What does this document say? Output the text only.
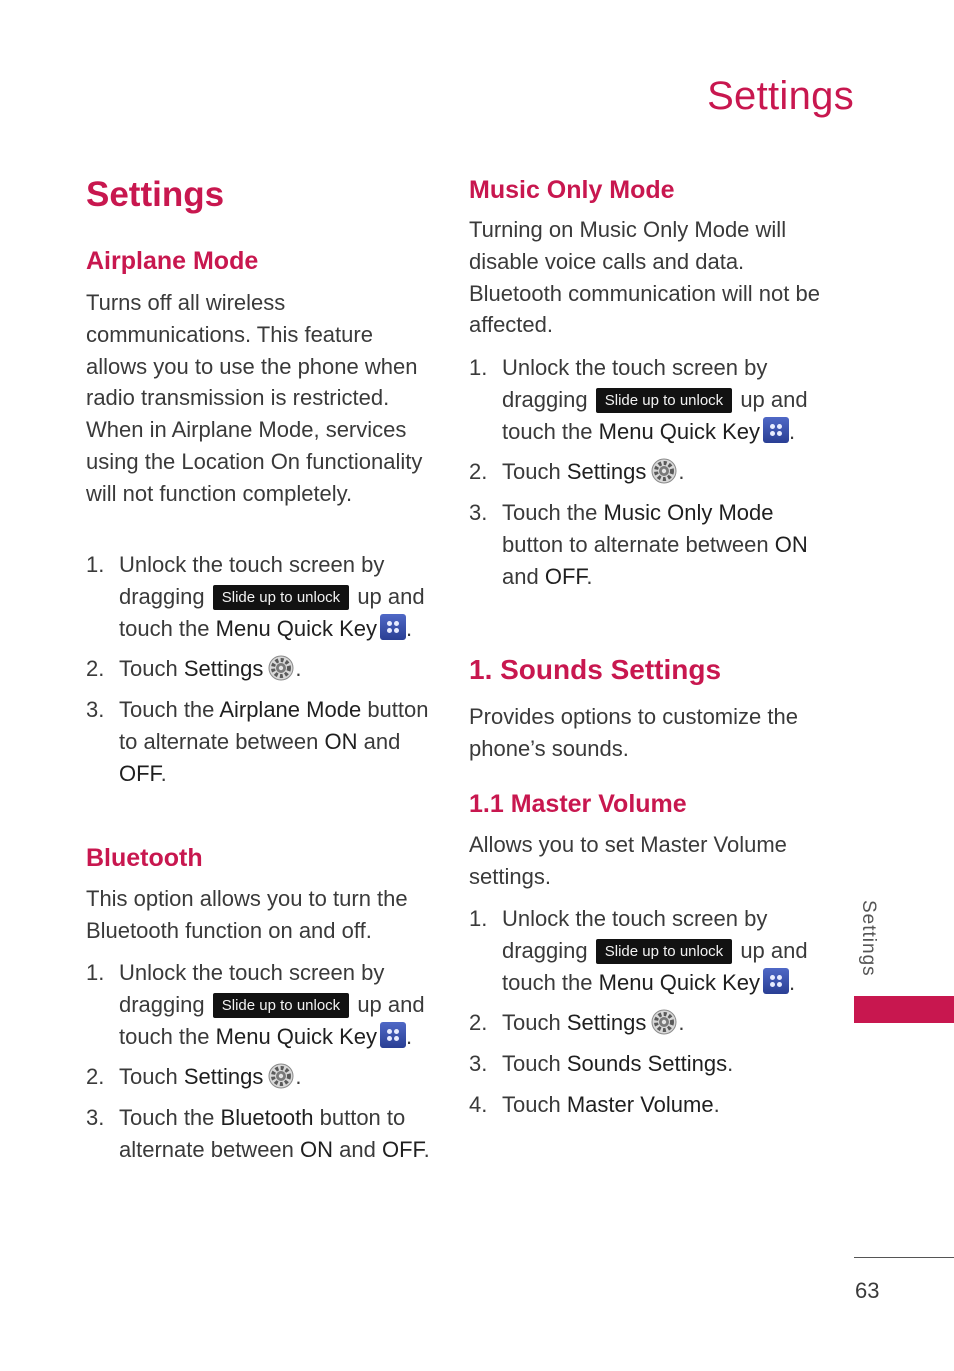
Settings
Settings
Airplane Mode
Turns off all wireless communications. This feature allows you to use the phone when radio transmission is restricted. When in Airplane Mode, services using the Location On functionality will not function completely.
1. Unlock the touch screen by dragging Slide up to unlock up and touch the Menu Quick Key .
2. Touch Settings .
3. Touch the Airplane Mode button to alternate between ON and OFF.
Bluetooth
This option allows you to turn the Bluetooth function on and off.
1. Unlock the touch screen by dragging Slide up to unlock up and touch the Menu Quick Key .
2. Touch Settings .
3. Touch the Bluetooth button to alternate between ON and OFF.
Music Only Mode
Turning on Music Only Mode will disable voice calls and data. Bluetooth communication will not be affected.
1. Unlock the touch screen by dragging Slide up to unlock up and touch the Menu Quick Key .
2. Touch Settings .
3. Touch the Music Only Mode button to alternate between ON and OFF.
1. Sounds Settings
Provides options to customize the phone’s sounds.
1.1 Master Volume
Allows you to set Master Volume settings.
1. Unlock the touch screen by dragging Slide up to unlock up and touch the Menu Quick Key .
2. Touch Settings .
3. Touch Sounds Settings.
4. Touch Master Volume.
Settings
63
